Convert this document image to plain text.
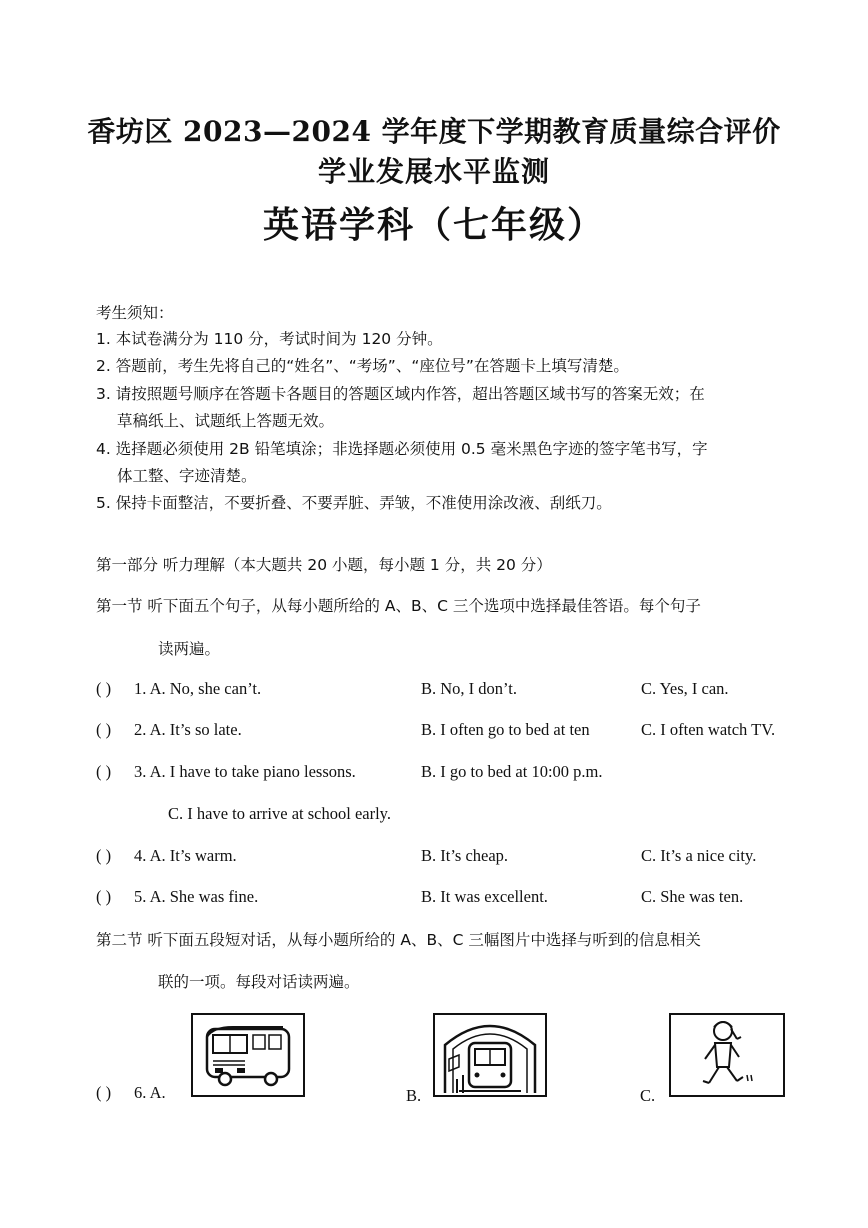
香坊区 2023—2024 学年度下学期教育质量综合评价
学业发展水平监测
英语学科（七年级）
考生须知：
1. 本试卷满分为 110 分，考试时间为 120 分钟。
2. 答题前，考生先将自己的“姓名”、“考场”、“座位号”在答题卡上填写清楚。
3. 请按照题号顺序在答题卡各题目的答题区域内作答，超出答题区域书写的答案无效；在
草稿纸上、试题纸上答题无效。
4. 选择题必须使用 2B 铅笔填涂；非选择题必须使用 0.5 毫米黑色字迹的签字笔书写，字
体工整、字迹清楚。
5. 保持卡面整洁，不要折叠、不要弄脏、弄皱，不准使用涂改液、刮纸刀。
第一部分 听力理解（本大题共 20 小题，每小题 1 分，共 20 分）
第一节 听下面五个句子，从每小题所给的 A、B、C 三个选项中选择最佳答语。每个句子
读两遍。
( ) 1. A. No, she can’t.	B. No, I don’t.	C. Yes, I can.
( ) 2. A. It’s so late.	B. I often go to bed at ten	C. I often watch TV.
( ) 3. A. I have to take piano lessons.	B. I go to bed at 10:00 p.m.
C. I have to arrive at school early.
( ) 4. A. It’s warm.	B. It’s cheap.	C. It’s a nice city.
( ) 5. A. She was fine.	B. It was excellent.	C. She was ten.
第二节 听下面五段短对话，从每小题所给的 A、B、C 三幅图片中选择与听到的信息相关
联的一项。每段对话读两遍。
( ) 6. A.	B.	C.
